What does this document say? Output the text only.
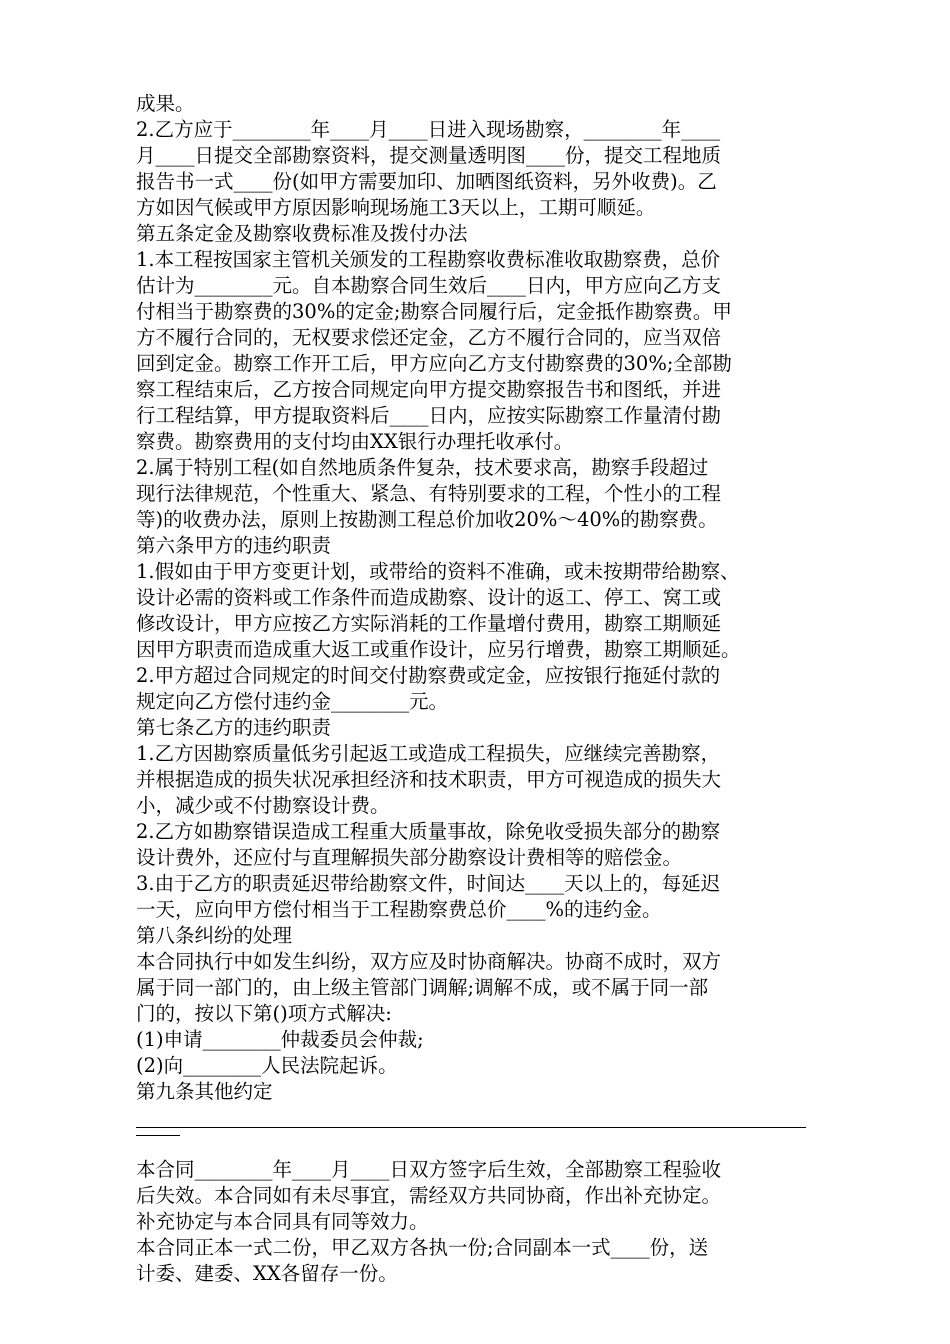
成果。
2.乙方应于________年____月____日进入现场勘察，________年____
月____日提交全部勘察资料，提交测量透明图____份，提交工程地质
报告书一式____份(如甲方需要加印、加晒图纸资料，另外收费)。乙
方如因气候或甲方原因影响现场施工3天以上，工期可顺延。
第五条定金及勘察收费标准及拨付办法
1.本工程按国家主管机关颁发的工程勘察收费标准收取勘察费，总价
估计为________元。自本勘察合同生效后____日内，甲方应向乙方支
付相当于勘察费的30%的定金;勘察合同履行后，定金抵作勘察费。甲
方不履行合同的，无权要求偿还定金，乙方不履行合同的，应当双倍
回到定金。勘察工作开工后，甲方应向乙方支付勘察费的30%;全部勘
察工程结束后，乙方按合同规定向甲方提交勘察报告书和图纸，并进
行工程结算，甲方提取资料后____日内，应按实际勘察工作量清付勘
察费。勘察费用的支付均由XX银行办理托收承付。
2.属于特别工程(如自然地质条件复杂，技术要求高，勘察手段超过
现行法律规范，个性重大、紧急、有特别要求的工程，个性小的工程
等)的收费办法，原则上按勘测工程总价加收20%～40%的勘察费。
第六条甲方的违约职责
1.假如由于甲方变更计划，或带给的资料不准确，或未按期带给勘察、
设计必需的资料或工作条件而造成勘察、设计的返工、停工、窝工或
修改设计，甲方应按乙方实际消耗的工作量增付费用，勘察工期顺延
因甲方职责而造成重大返工或重作设计，应另行增费，勘察工期顺延。
2.甲方超过合同规定的时间交付勘察费或定金，应按银行拖延付款的
规定向乙方偿付违约金________元。
第七条乙方的违约职责
1.乙方因勘察质量低劣引起返工或造成工程损失，应继续完善勘察，
并根据造成的损失状况承担经济和技术职责，甲方可视造成的损失大
小，减少或不付勘察设计费。
2.乙方如勘察错误造成工程重大质量事故，除免收受损失部分的勘察
设计费外，还应付与直理解损失部分勘察设计费相等的赔偿金。
3.由于乙方的职责延迟带给勘察文件，时间达____天以上的，每延迟
一天，应向甲方偿付相当于工程勘察费总价____%的违约金。
第八条纠纷的处理
本合同执行中如发生纠纷，双方应及时协商解决。协商不成时，双方
属于同一部门的，由上级主管部门调解;调解不成，或不属于同一部
门的，按以下第()项方式解决:
(1)申请________仲裁委员会仲裁;
(2)向________人民法院起诉。
第九条其他约定
本合同________年____月____日双方签字后生效，全部勘察工程验收
后失效。本合同如有未尽事宜，需经双方共同协商，作出补充协定。
补充协定与本合同具有同等效力。
本合同正本一式二份，甲乙双方各执一份;合同副本一式____份，送
计委、建委、XX各留存一份。
